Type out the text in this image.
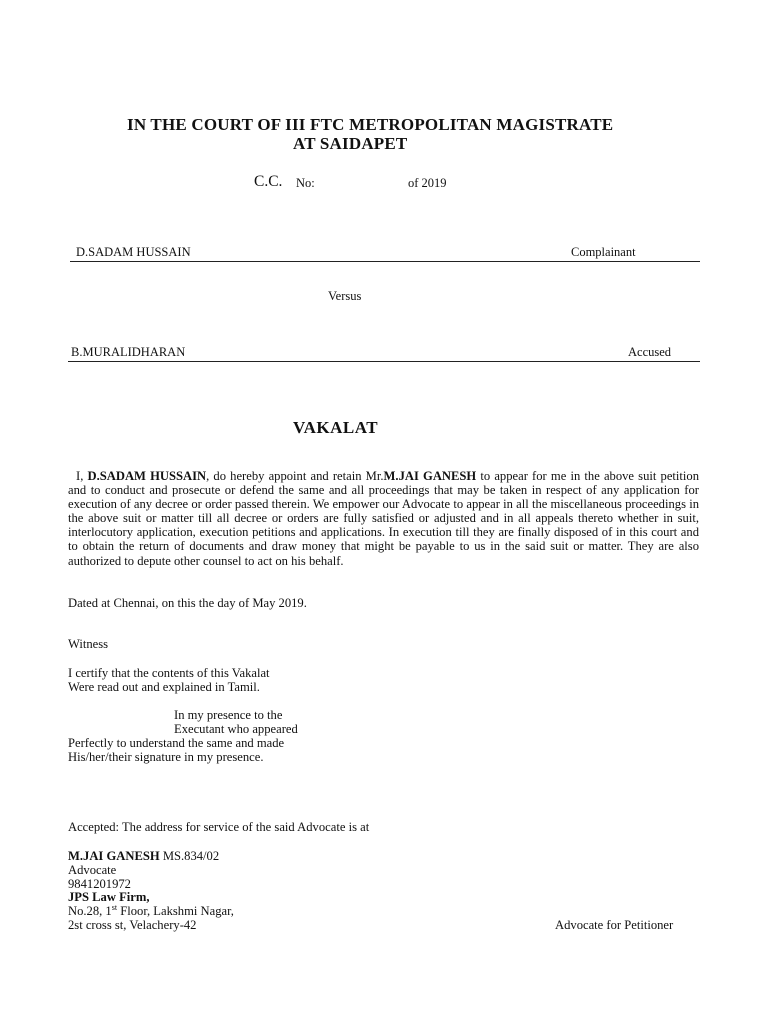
IN THE COURT OF III FTC METROPOLITAN MAGISTRATE
AT SAIDAPET
C.C. No:	of 2019
D.SADAM HUSSAIN	Complainant
Versus
B.MURALIDHARAN	Accused
VAKALAT
I, D.SADAM HUSSAIN, do hereby appoint and retain Mr.M.JAI GANESH to appear for me in the above suit petition and to conduct and prosecute or defend the same and all proceedings that may be taken in respect of any application for execution of any decree or order passed therein. We empower our Advocate to appear in all the miscellaneous proceedings in the above suit or matter till all decree or orders are fully satisfied or adjusted and in all appeals thereto whether in suit, interlocutory application, execution petitions and applications. In execution till they are finally disposed of in this court and to obtain the return of documents and draw money that might be payable to us in the said suit or matter. They are also authorized to depute other counsel to act on his behalf.
Dated at Chennai, on this the day of May 2019.
Witness
I certify that the contents of this Vakalat
Were read out and explained in Tamil.
In my presence to the
Executant who appeared
Perfectly to understand the same and made
His/her/their signature in my presence.
Accepted: The address for service of the said Advocate is at
M.JAI GANESH MS.834/02
Advocate
9841201972
JPS Law Firm,
No.28, 1st Floor, Lakshmi Nagar,
2st cross st, Velachery-42	Advocate for Petitioner
